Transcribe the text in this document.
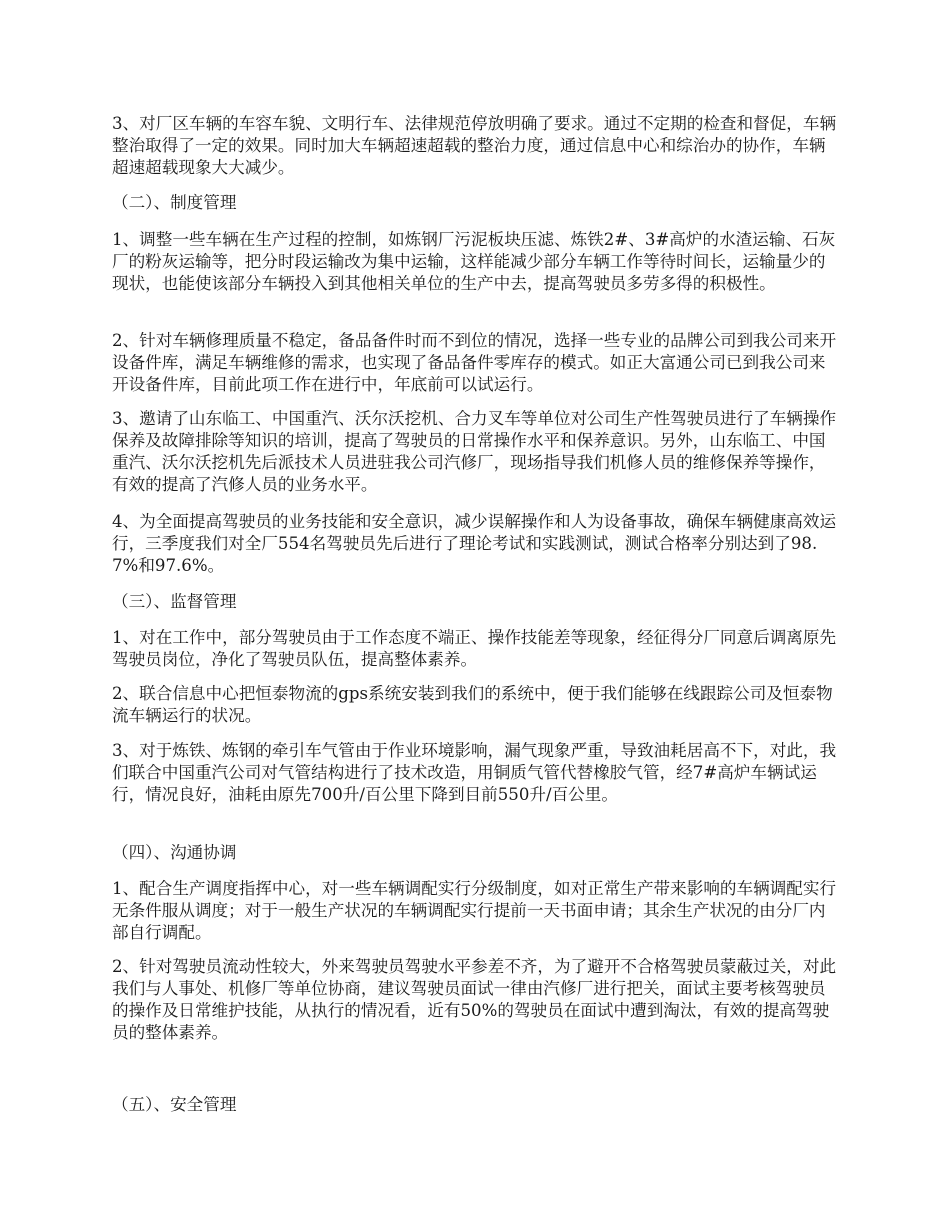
3、对厂区车辆的车容车貌、文明行车、法律规范停放明确了要求。通过不定期的检查和督促，车辆整治取得了一定的效果。同时加大车辆超速超载的整治力度，通过信息中心和综治办的协作，车辆超速超载现象大大减少。

（二）、制度管理

1、调整一些车辆在生产过程的控制，如炼钢厂污泥板块压滤、炼铁2#、3#高炉的水渣运输、石灰厂的粉灰运输等，把分时段运输改为集中运输，这样能减少部分车辆工作等待时间长，运输量少的现状，也能使该部分车辆投入到其他相关单位的生产中去，提高驾驶员多劳多得的积极性。

2、针对车辆修理质量不稳定，备品备件时而不到位的情况，选择一些专业的品牌公司到我公司来开设备件库，满足车辆维修的需求，也实现了备品备件零库存的模式。如正大富通公司已到我公司来开设备件库，目前此项工作在进行中，年底前可以试运行。

3、邀请了山东临工、中国重汽、沃尔沃挖机、合力叉车等单位对公司生产性驾驶员进行了车辆操作保养及故障排除等知识的培训，提高了驾驶员的日常操作水平和保养意识。另外，山东临工、中国重汽、沃尔沃挖机先后派技术人员进驻我公司汽修厂，现场指导我们机修人员的维修保养等操作，有效的提高了汽修人员的业务水平。

4、为全面提高驾驶员的业务技能和安全意识，减少误解操作和人为设备事故，确保车辆健康高效运行，三季度我们对全厂554名驾驶员先后进行了理论考试和实践测试，测试合格率分别达到了98.7%和97.6%。

（三）、监督管理

1、对在工作中，部分驾驶员由于工作态度不端正、操作技能差等现象，经征得分厂同意后调离原先驾驶员岗位，净化了驾驶员队伍，提高整体素养。

2、联合信息中心把恒泰物流的gps系统安装到我们的系统中，便于我们能够在线跟踪公司及恒泰物流车辆运行的状况。

3、对于炼铁、炼钢的牵引车气管由于作业环境影响，漏气现象严重，导致油耗居高不下，对此，我们联合中国重汽公司对气管结构进行了技术改造，用铜质气管代替橡胶气管，经7#高炉车辆试运行，情况良好，油耗由原先700升/百公里下降到目前550升/百公里。

（四）、沟通协调

1、配合生产调度指挥中心，对一些车辆调配实行分级制度，如对正常生产带来影响的车辆调配实行无条件服从调度；对于一般生产状况的车辆调配实行提前一天书面申请；其余生产状况的由分厂内部自行调配。

2、针对驾驶员流动性较大，外来驾驶员驾驶水平参差不齐，为了避开不合格驾驶员蒙蔽过关，对此我们与人事处、机修厂等单位协商，建议驾驶员面试一律由汽修厂进行把关，面试主要考核驾驶员的操作及日常维护技能，从执行的情况看，近有50%的驾驶员在面试中遭到淘汰，有效的提高驾驶员的整体素养。

（五）、安全管理
